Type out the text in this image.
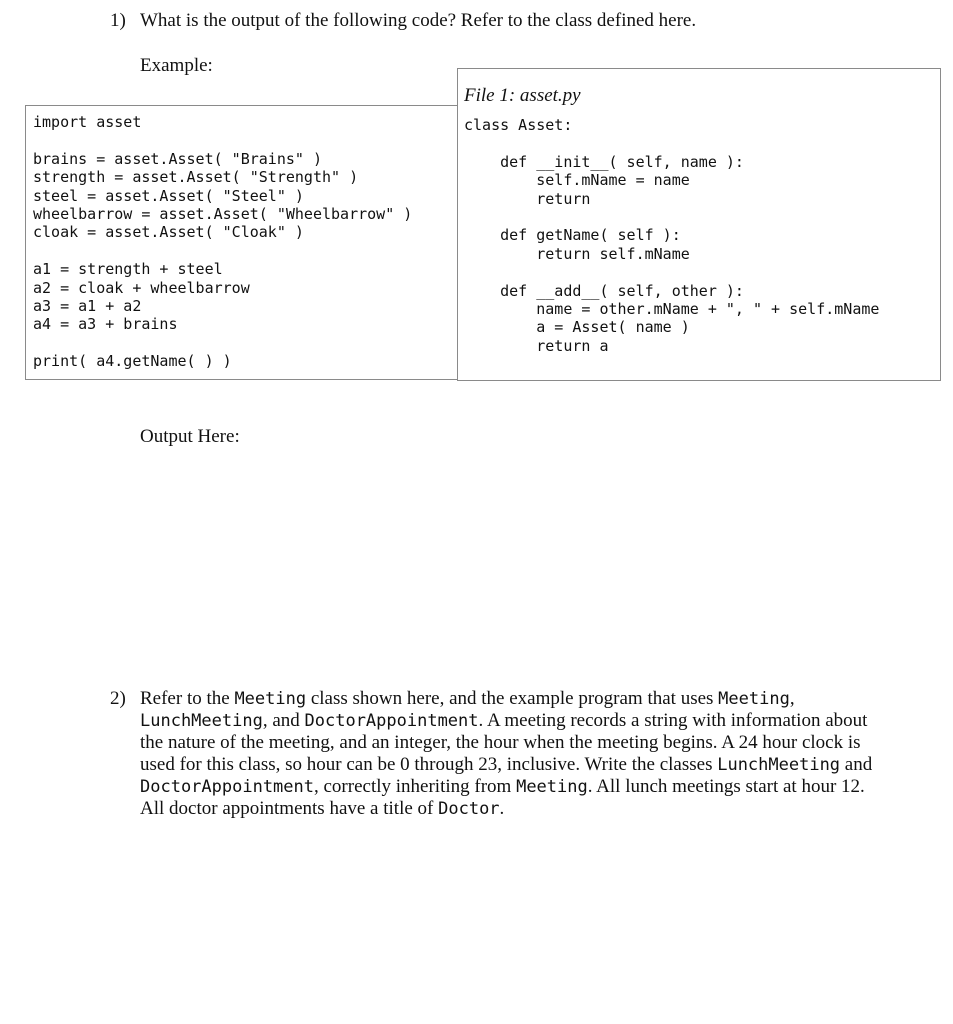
1) What is the output of the following code? Refer to the class defined here.
Example:
import asset
brains = asset.Asset( "Brains" )
strength = asset.Asset( "Strength" )
steel = asset.Asset( "Steel" )
wheelbarrow = asset.Asset( "Wheelbarrow" )
cloak = asset.Asset( "Cloak" )
a1 = strength + steel
a2 = cloak + wheelbarrow
a3 = a1 + a2
a4 = a3 + brains
print( a4.getName( ) )
File 1: asset.py
class Asset:
def __init__( self, name ):
self.mName = name
return
def getName( self ):
return self.mName
def __add__( self, other ):
name = other.mName + ", " + self.mName
a = Asset( name )
return a
Output Here:
2) Refer to the Meeting class shown here, and the example program that uses Meeting, LunchMeeting, and DoctorAppointment. A meeting records a string with information about the nature of the meeting, and an integer, the hour when the meeting begins. A 24 hour clock is used for this class, so hour can be 0 through 23, inclusive. Write the classes LunchMeeting and DoctorAppointment, correctly inheriting from Meeting. All lunch meetings start at hour 12. All doctor appointments have a title of Doctor.
